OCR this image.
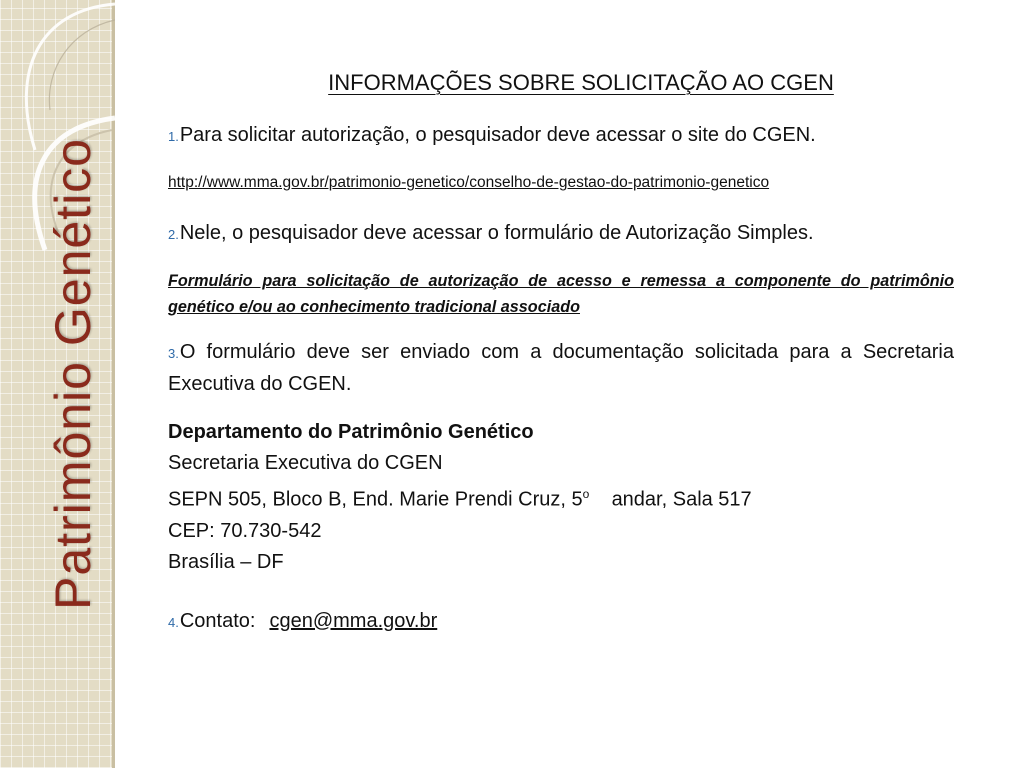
Patrimônio Genético
INFORMAÇÕES SOBRE SOLICITAÇÃO AO CGEN

1.Para solicitar autorização, o pesquisador deve acessar o site do CGEN.

http://www.mma.gov.br/patrimonio-genetico/conselho-de-gestao-do-patrimonio-genetico

2.Nele, o pesquisador deve acessar o formulário de Autorização Simples.

Formulário para solicitação de autorização de acesso e remessa a componente do patrimônio genético e/ou ao conhecimento tradicional associado

3.O formulário deve ser enviado com a documentação solicitada para a Secretaria Executiva do CGEN.

Departamento do Patrimônio Genético

Secretaria Executiva do CGEN

SEPN 505, Bloco B, End. Marie Prendi Cruz, 5$^o$ andar, Sala 517

CEP: 70.730-542

Brasília – DF

4.Contato: cgen@mma.gov.br
